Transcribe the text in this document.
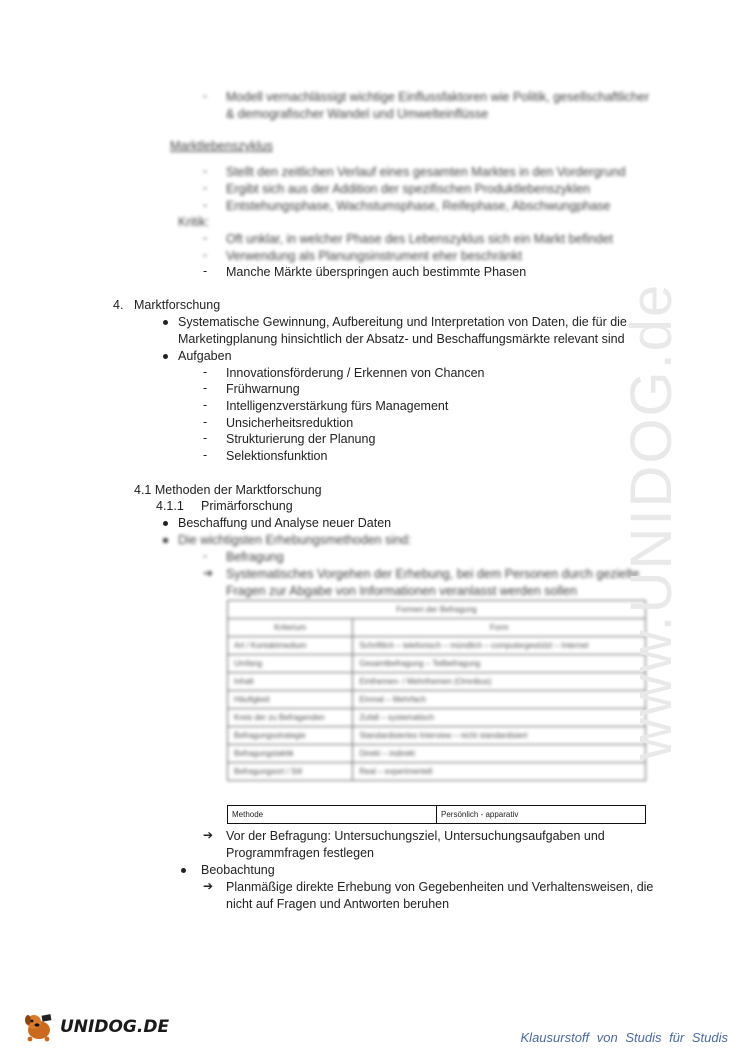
- Modell vernachlässigt wichtige Einflussfaktoren wie Politik, gesellschaftlicher
& demografischer Wandel und Umwelteinflüsse
Marktlebenszyklus
- Stellt den zeitlichen Verlauf eines gesamten Marktes in den Vordergrund
- Ergibt sich aus der Addition der spezifischen Produktlebenszyklen
- Entstehungsphase, Wachstumsphase, Reifephase, Abschwungphase
Kritik:
- Oft unklar, in welcher Phase des Lebenszyklus sich ein Markt befindet
- Verwendung als Planungsinstrument eher beschränkt
- Manche Märkte überspringen auch bestimmte Phasen
4. Marktforschung
Systematische Gewinnung, Aufbereitung und Interpretation von Daten, die für die
Marketingplanung hinsichtlich der Absatz- und Beschaffungsmärkte relevant sind
Aufgaben
- Innovationsförderung / Erkennen von Chancen
- Frühwarnung
- Intelligenzverstärkung fürs Management
- Unsicherheitsreduktion
- Strukturierung der Planung
- Selektionsfunktion
4.1 Methoden der Marktforschung
4.1.1 Primärforschung
Beschaffung und Analyse neuer Daten
Die wichtigsten Erhebungsmethoden sind:
- Befragung
➔ Systematisches Vorgehen der Erhebung, bei dem Personen durch gezielte
Fragen zur Abgabe von Informationen veranlasst werden sollen
Formen der Befragung	
Kriterium	Form
Art / Kontaktmedium	Schriftlich – telefonisch – mündlich – computergestützt – Internet
Umfang	Gesamtbefragung – Teilbefragung
Inhalt	Einthemen- / Mehrthemen (Omnibus)
Häufigkeit	Einmal – Mehrfach
Kreis der zu Befragenden	Zufall – systematisch
Befragungsstrategie	Standardisiertes Interview – nicht standardisiert
Befragungstaktik	Direkt – indirekt
Befragungsort / Stil	Real – experimentell
Methode	Persönlich - apparativ
➔ Vor der Befragung: Untersuchungsziel, Untersuchungsaufgaben und
Programmfragen festlegen
Beobachtung
➔ Planmäßige direkte Erhebung von Gegebenheiten und Verhaltensweisen, die
nicht auf Fragen und Antworten beruhen
www.UNIDOG.de
UNIDOG.DE
Klausurstoff von Studis für Studis
